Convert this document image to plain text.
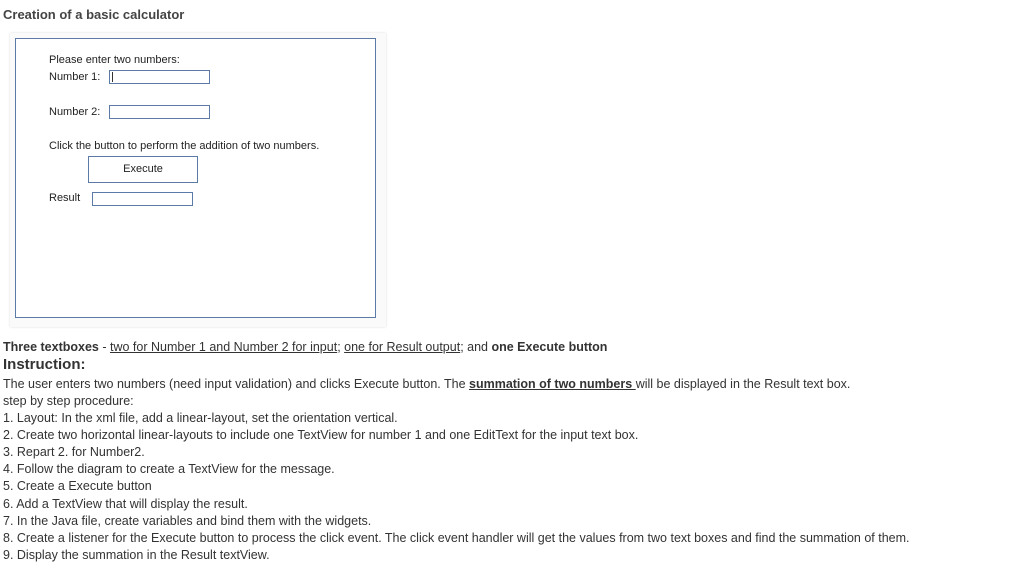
Creation of a basic calculator
Please enter two numbers:
Number 1:
Number 2:
Click the button to perform the addition of two numbers.
Execute
Result
Three textboxes - two for Number 1 and Number 2 for input; one for Result output; and one Execute button
Instruction:
The user enters two numbers (need input validation) and clicks Execute button. The summation of two numbers will be displayed in the Result text box.
step by step procedure:
1. Layout: In the xml file, add a linear-layout, set the orientation vertical.
2. Create two horizontal linear-layouts to include one TextView for number 1 and one EditText for the input text box.
3. Repart 2. for Number2.
4. Follow the diagram to create a TextView for the message.
5. Create a Execute button
6. Add a TextView that will display the result.
7. In the Java file, create variables and bind them with the widgets.
8. Create a listener for the Execute button to process the click event. The click event handler will get the values from two text boxes and find the summation of them.
9. Display the summation in the Result textView.
